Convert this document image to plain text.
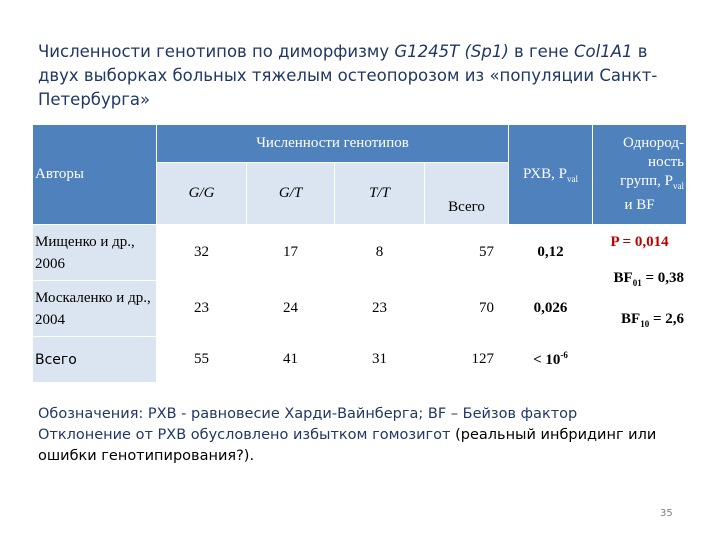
Численности генотипов по диморфизму G1245T (Sp1) в гене Col1A1 в двух выборках больных тяжелым остеопорозом из «популяции Санкт-Петербурга»
Авторы	Численности генотипов				РХВ, $P_{val}$	Однород-
ность
групп, $P_{val}$
и BF

	G/G	G/T	T/T	Всего		
Мищенко и др., 2006	32	17	8	57	0,12	P = 0,014
$BF_{01} = 0,38$
$BF_{10} = 2,6$

Москаленко и др., 2004	23	24	23	70	0,026	
Всего	55	41	31	127	< $10^{-6}$	
Обозначения: РХВ - равновесие Харди-Вайнберга; BF – Бейзов фактор
Отклонение от РХВ обусловлено избытком гомозигот (реальный инбридинг или ошибки генотипирования?).
35
